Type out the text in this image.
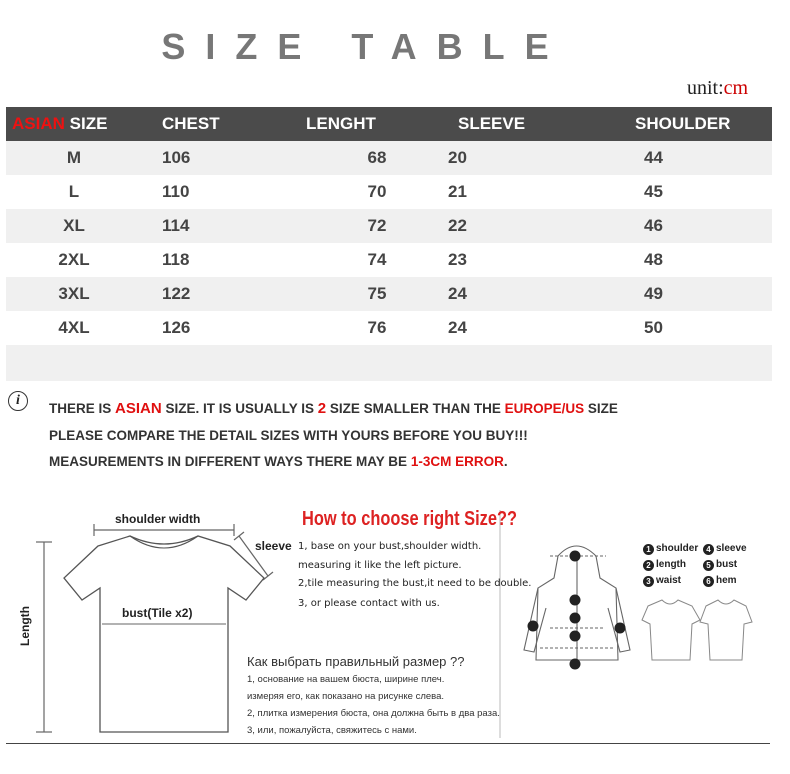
SIZE TABLE
unit:cm
ASIAN SIZE	CHEST	LENGHT	SLEEVE	SHOULDER
M	106	68	20	44
L	110	70	21	45
XL	114	72	22	46
2XL	118	74	23	48
3XL	122	75	24	49
4XL	126	76	24	50

i
THERE IS ASIAN SIZE. IT IS USUALLY IS 2 SIZE SMALLER THAN THE EUROPE/US SIZE
PLEASE COMPARE THE DETAIL SIZES WITH YOURS BEFORE YOU BUY!!!
MEASUREMENTS IN DIFFERENT WAYS THERE MAY BE 1-3CM ERROR.
shoulder width
sleeve
bust(Tile x2)
Length
How to choose right Size??
1, base on your bust,shoulder width.
measuring it like the left picture.
2,tile measuring the bust,it need to be double.
3, or please contact with us.
Как выбрать правильный размер ??
1, основание на вашем бюста, ширине плеч.
измеряя его, как показано на рисунке слева.
2, плитка измерения бюста, она должна быть в два раза.
3, или, пожалуйста, свяжитесь с нами.
1 shoulder	4 sleeve
2 length	5 bust
3 waist	6 hem
